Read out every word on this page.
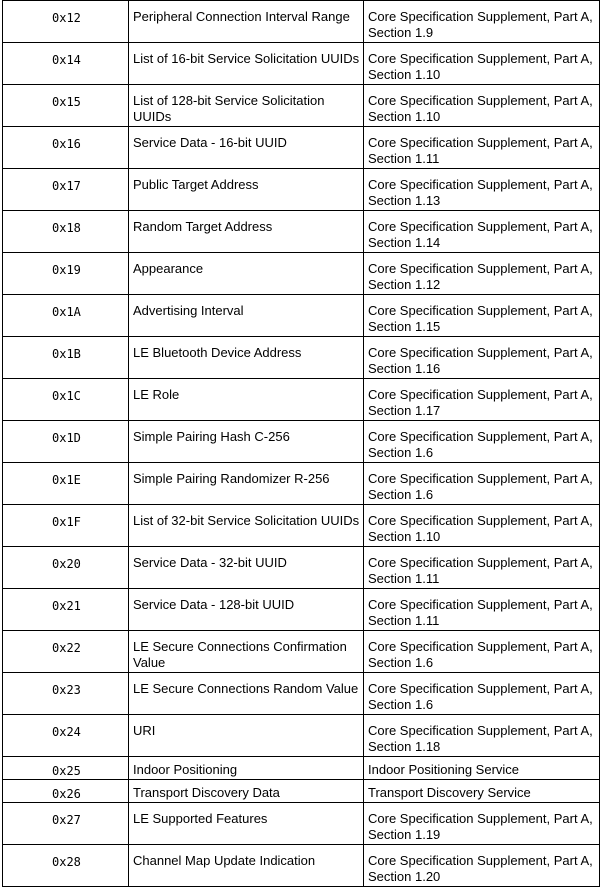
0x12	Peripheral Connection Interval Range	Core Specification Supplement, Part A, Section 1.9
0x14	List of 16-bit Service Solicitation UUIDs	Core Specification Supplement, Part A, Section 1.10
0x15	List of 128-bit Service Solicitation UUIDs	Core Specification Supplement, Part A, Section 1.10
0x16	Service Data - 16-bit UUID	Core Specification Supplement, Part A, Section 1.11
0x17	Public Target Address	Core Specification Supplement, Part A, Section 1.13
0x18	Random Target Address	Core Specification Supplement, Part A, Section 1.14
0x19	Appearance	Core Specification Supplement, Part A, Section 1.12
0x1A	Advertising Interval	Core Specification Supplement, Part A, Section 1.15
0x1B	LE Bluetooth Device Address	Core Specification Supplement, Part A, Section 1.16
0x1C	LE Role	Core Specification Supplement, Part A, Section 1.17
0x1D	Simple Pairing Hash C-256	Core Specification Supplement, Part A, Section 1.6
0x1E	Simple Pairing Randomizer R-256	Core Specification Supplement, Part A, Section 1.6
0x1F	List of 32-bit Service Solicitation UUIDs	Core Specification Supplement, Part A, Section 1.10
0x20	Service Data - 32-bit UUID	Core Specification Supplement, Part A, Section 1.11
0x21	Service Data - 128-bit UUID	Core Specification Supplement, Part A, Section 1.11
0x22	LE Secure Connections Confirmation Value	Core Specification Supplement, Part A, Section 1.6
0x23	LE Secure Connections Random Value	Core Specification Supplement, Part A, Section 1.6
0x24	URI	Core Specification Supplement, Part A, Section 1.18
0x25	Indoor Positioning	Indoor Positioning Service
0x26	Transport Discovery Data	Transport Discovery Service
0x27	LE Supported Features	Core Specification Supplement, Part A, Section 1.19
0x28	Channel Map Update Indication	Core Specification Supplement, Part A, Section 1.20
